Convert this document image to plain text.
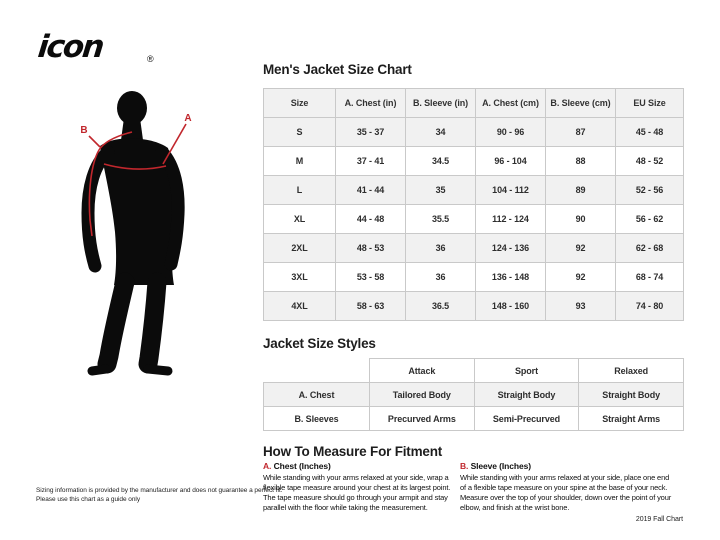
icon	®
A
B
Men's Jacket Size Chart
Size	A. Chest (in)	B. Sleeve (in)	A. Chest (cm)	B. Sleeve (cm)	EU Size
S	35 - 37	34	90 - 96	87	45 - 48
M	37 - 41	34.5	96 - 104	88	48 - 52
L	41 - 44	35	104 - 112	89	52 - 56
XL	44 - 48	35.5	112 - 124	90	56 - 62
2XL	48 - 53	36	124 - 136	92	62 - 68
3XL	53 - 58	36	136 - 148	92	68 - 74
4XL	58 - 63	36.5	148 - 160	93	74 - 80
Jacket Size Styles
	Attack	Sport	Relaxed
A. Chest	Tailored Body	Straight Body	Straight Body
B. Sleeves	Precurved Arms	Semi-Precurved	Straight Arms
How To Measure For Fitment
A. Chest (Inches)

While standing with your arms relaxed at your side, wrap a flexible tape measure around your chest at its largest point. The tape measure should go through your armpit and stay parallel with the floor while taking the measurement.

B. Sleeve (Inches)

While standing with your arms relaxed at your side, place one end of a flexible tape measure on your spine at the base of your neck. Measure over the top of your shoulder, down over the point of your elbow, and finish at the wrist bone.

Sizing information is provided by the manufacturer and does not guarantee a perfect fit. Please use this chart as a guide only
2019 Fall Chart
